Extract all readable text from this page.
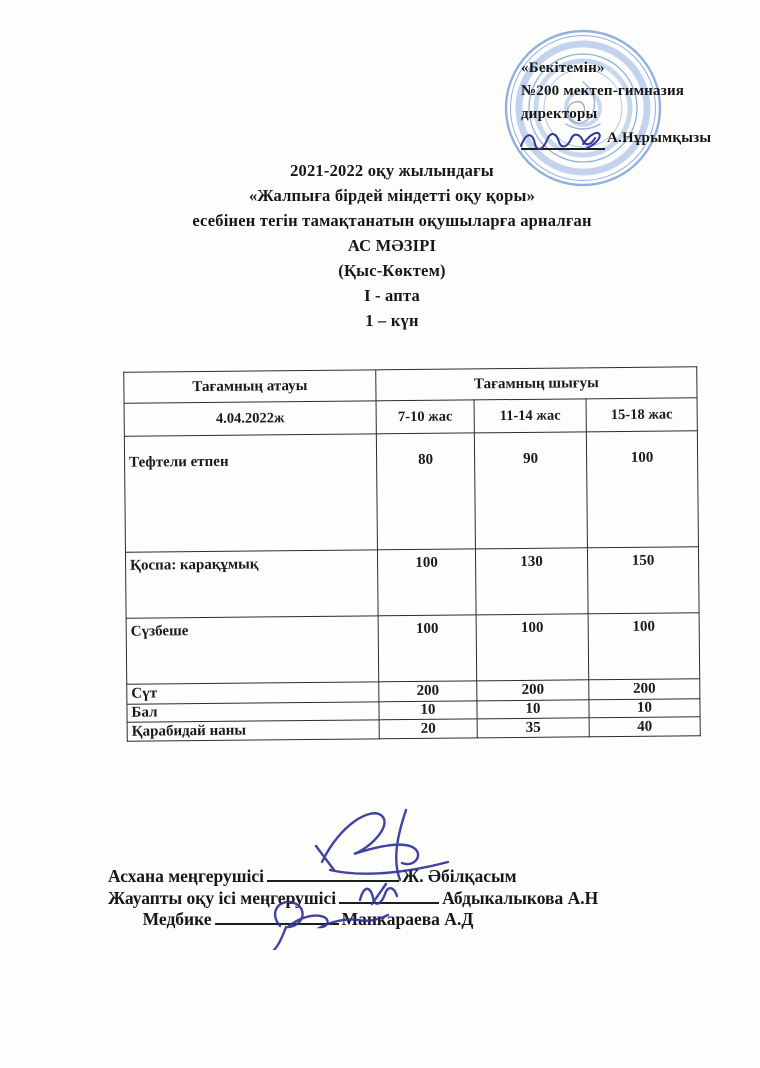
«Бекітемін»
№200 мектеп-гимназия
директоры
А.Нұрымқызы
2021-2022 оқу жылындағы
«Жалпыға бірдей міндетті оқу қоры»
есебінен тегін тамақтанатын оқушыларға арналған
АС МӘЗІРІ
(Қыс-Көктем)
I - апта
1 – күн
Тағамның атауы	Тағамның шығуы		
4.04.2022ж	7-10 жас	11-14 жас	15-18 жас
Тефтели етпен	80	90	100
Қоспа: карақұмық	100	130	150
Сүзбеше	100	100	100
Сүт	200	200	200
Бал	10	10	10
Қарабидай наны	20	35	40
Асхана меңгерушісі	Ж. Әбілқасым
Жауапты оқу ісі меңгерушісі	Абдыкалыкова А.Н
Медбике	Манкараева А.Д
